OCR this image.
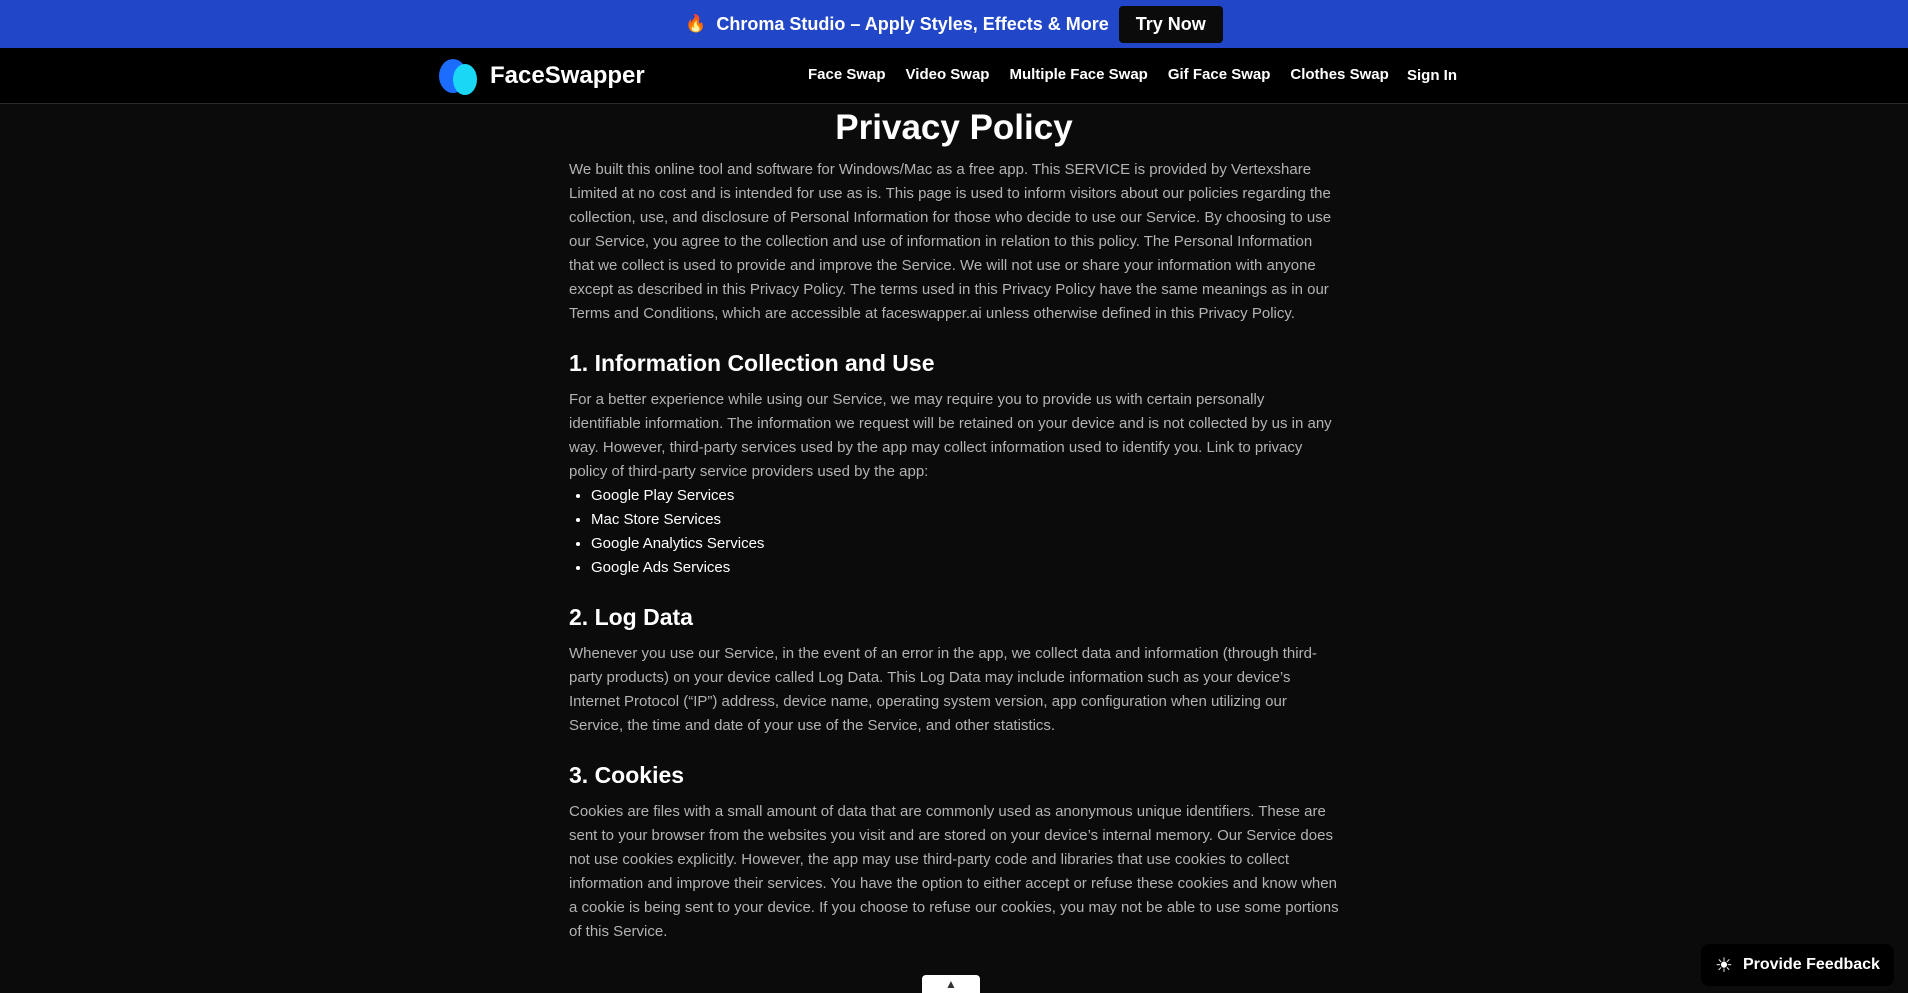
🔥 Chroma Studio – Apply Styles, Effects & More	Try Now
FaceSwapper	Face Swap Video Swap Multiple Face Swap Gif Face Swap Clothes Swap Sign In
Privacy Policy

We built this online tool and software for Windows/Mac as a free app. This SERVICE is provided by Vertexshare Limited at no cost and is intended for use as is. This page is used to inform visitors about our policies regarding the collection, use, and disclosure of Personal Information for those who decide to use our Service. By choosing to use our Service, you agree to the collection and use of information in relation to this policy. The Personal Information that we collect is used to provide and improve the Service. We will not use or share your information with anyone except as described in this Privacy Policy. The terms used in this Privacy Policy have the same meanings as in our Terms and Conditions, which are accessible at faceswapper.ai unless otherwise defined in this Privacy Policy.

1. Information Collection and Use

For a better experience while using our Service, we may require you to provide us with certain personally identifiable information. The information we request will be retained on your device and is not collected by us in any way. However, third-party services used by the app may collect information used to identify you. Link to privacy policy of third-party service providers used by the app:

• Google Play Services
• Mac Store Services
• Google Analytics Services
• Google Ads Services
2. Log Data

Whenever you use our Service, in the event of an error in the app, we collect data and information (through third-party products) on your device called Log Data. This Log Data may include information such as your device’s Internet Protocol (“IP”) address, device name, operating system version, app configuration when utilizing our Service, the time and date of your use of the Service, and other statistics.

3. Cookies

Cookies are files with a small amount of data that are commonly used as anonymous unique identifiers. These are sent to your browser from the websites you visit and are stored on your device’s internal memory. Our Service does not use cookies explicitly. However, the app may use third-party code and libraries that use cookies to collect information and improve their services. You have the option to either accept or refuse these cookies and know when a cookie is being sent to your device. If you choose to refuse our cookies, you may not be able to use some portions of this Service.

▲
☀ Provide Feedback
